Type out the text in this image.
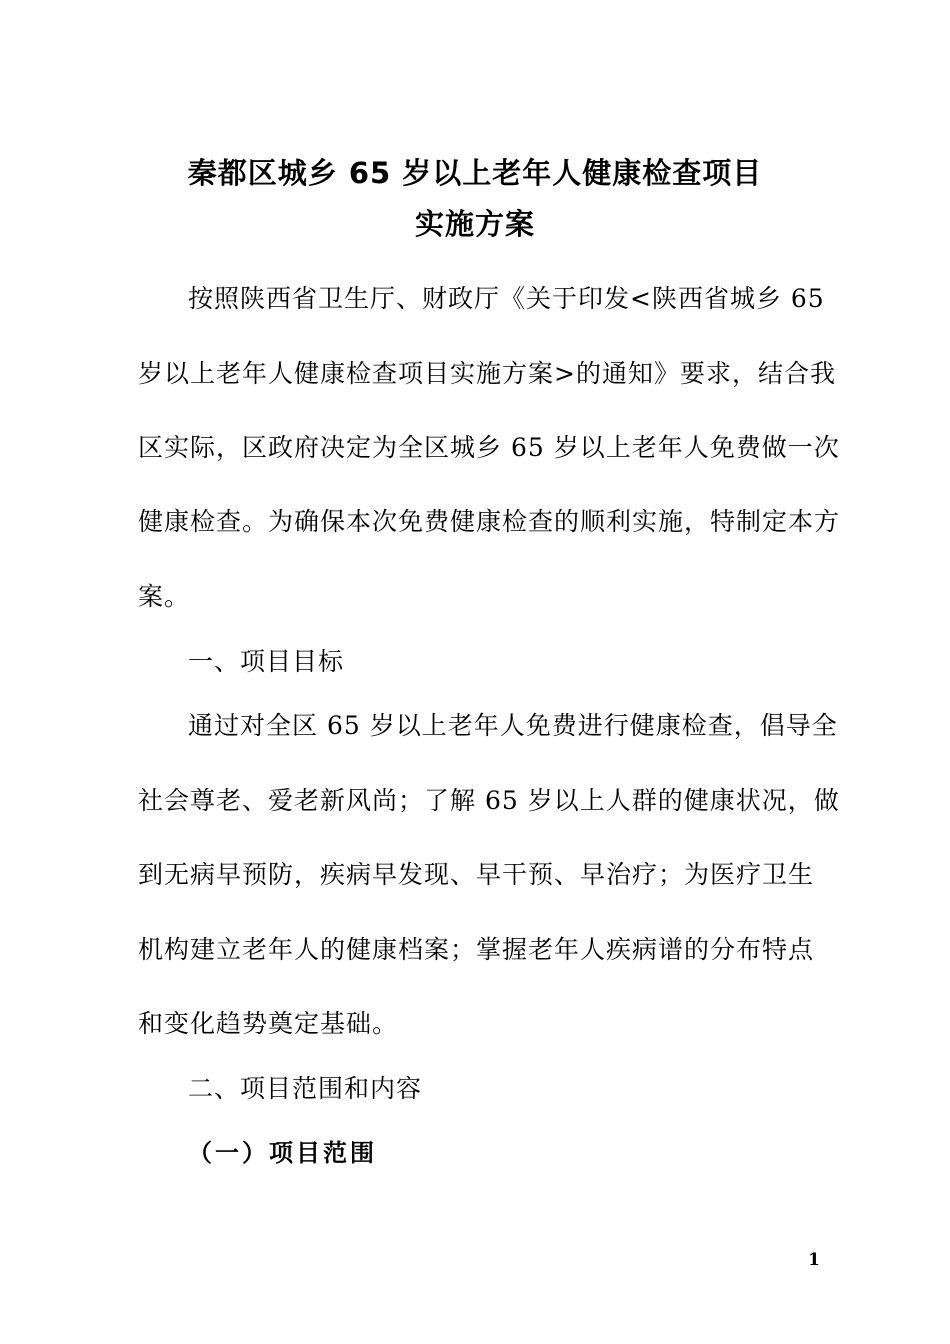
秦都区城乡 65 岁以上老年人健康检查项目
实施方案
按照陕西省卫生厅、财政厅《关于印发<陕西省城乡 65
岁以上老年人健康检查项目实施方案>的通知》要求，结合我
区实际，区政府决定为全区城乡 65 岁以上老年人免费做一次
健康检查。为确保本次免费健康检查的顺利实施，特制定本方
案。
一、项目目标
通过对全区 65 岁以上老年人免费进行健康检查，倡导全
社会尊老、爱老新风尚；了解 65 岁以上人群的健康状况，做
到无病早预防，疾病早发现、早干预、早治疗；为医疗卫生
机构建立老年人的健康档案；掌握老年人疾病谱的分布特点
和变化趋势奠定基础。
二、项目范围和内容
（一）项目范围
1
